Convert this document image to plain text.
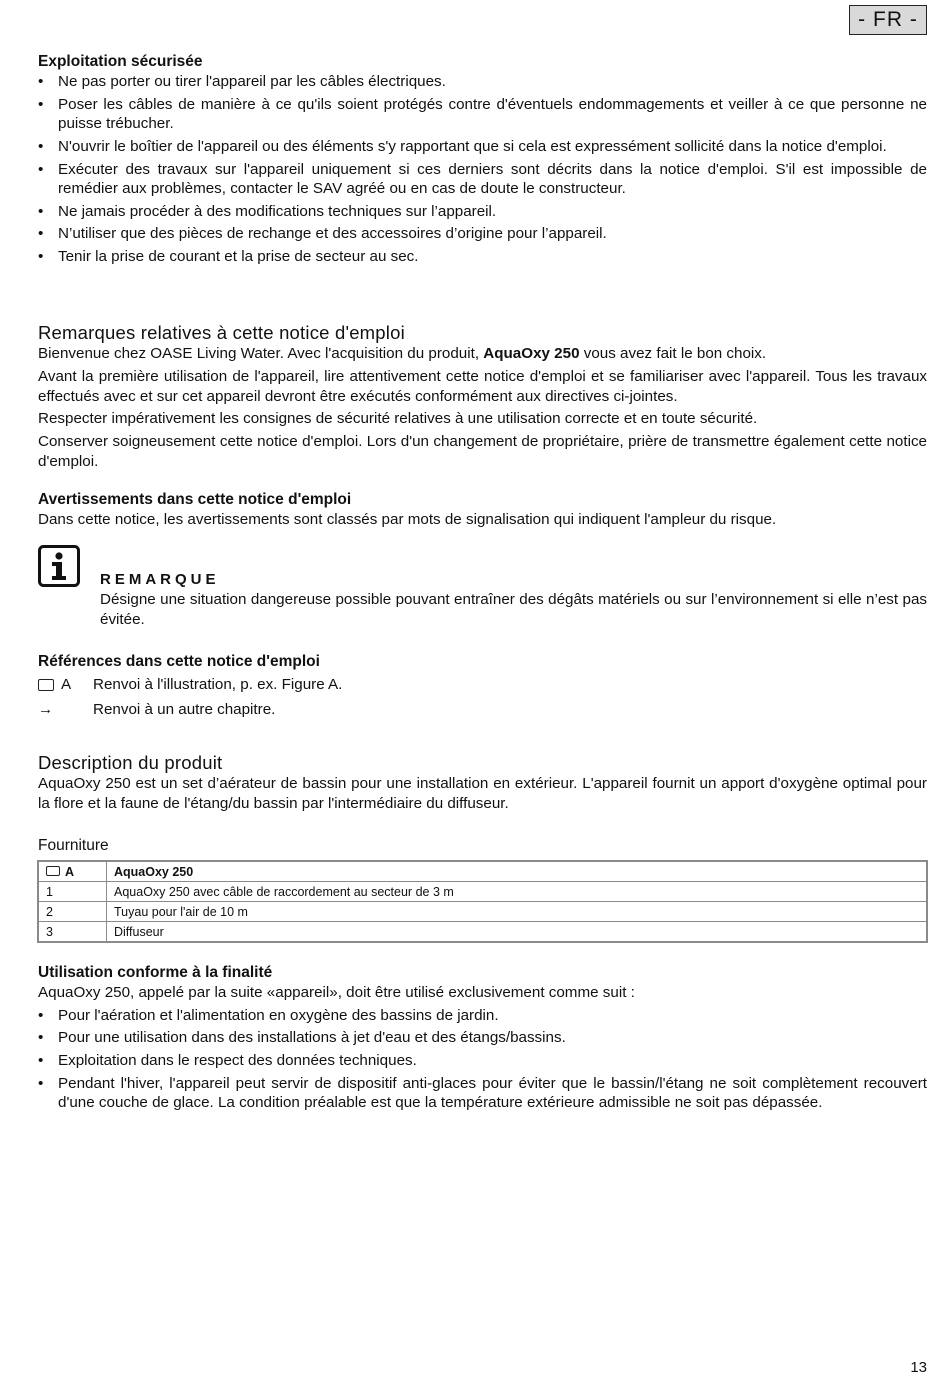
- FR -
Exploitation sécurisée
• Ne pas porter ou tirer l'appareil par les câbles électriques.
• Poser les câbles de manière à ce qu'ils soient protégés contre d'éventuels endommagements et veiller à ce que personne ne puisse trébucher.
• N'ouvrir le boîtier de l'appareil ou des éléments s'y rapportant que si cela est expressément sollicité dans la notice d'emploi.
• Exécuter des travaux sur l'appareil uniquement si ces derniers sont décrits dans la notice d'emploi. S'il est impossible de remédier aux problèmes, contacter le SAV agréé ou en cas de doute le constructeur.
• Ne jamais procéder à des modifications techniques sur l’appareil.
• N’utiliser que des pièces de rechange et des accessoires d’origine pour l’appareil.
• Tenir la prise de courant et la prise de secteur au sec.
Remarques relatives à cette notice d'emploi

Bienvenue chez OASE Living Water. Avec l'acquisition du produit, AquaOxy 250 vous avez fait le bon choix.

Avant la première utilisation de l'appareil, lire attentivement cette notice d'emploi et se familiariser avec l'appareil. Tous les travaux effectués avec et sur cet appareil devront être exécutés conformément aux directives ci-jointes.

Respecter impérativement les consignes de sécurité relatives à une utilisation correcte et en toute sécurité.

Conserver soigneusement cette notice d'emploi. Lors d'un changement de propriétaire, prière de transmettre également cette notice d'emploi.

Avertissements dans cette notice d'emploi

Dans cette notice, les avertissements sont classés par mots de signalisation qui indiquent l'ampleur du risque.

REMARQUE

Désigne une situation dangereuse possible pouvant entraîner des dégâts matériels ou sur l’environnement si elle n’est pas évitée.

Références dans cette notice d'emploi
A Renvoi à l'illustration, p. ex. Figure A.
→	Renvoi à un autre chapitre.
Description du produit

AquaOxy 250 est un set d’aérateur de bassin pour une installation en extérieur. L'appareil fournit un apport d'oxygène optimal pour la flore et la faune de l'étang/du bassin par l'intermédiaire du diffuseur.

Fourniture
A	AquaOxy 250
1	AquaOxy 250 avec câble de raccordement au secteur de 3 m
2	Tuyau pour l'air de 10 m
3	Diffuseur
Utilisation conforme à la finalité

AquaOxy 250, appelé par la suite «appareil», doit être utilisé exclusivement comme suit :

• Pour l'aération et l'alimentation en oxygène des bassins de jardin.
• Pour une utilisation dans des installations à jet d'eau et des étangs/bassins.
• Exploitation dans le respect des données techniques.
• Pendant l'hiver, l'appareil peut servir de dispositif anti-glaces pour éviter que le bassin/l'étang ne soit complètement recouvert d'une couche de glace. La condition préalable est que la température extérieure admissible ne soit pas dépassée.
13
